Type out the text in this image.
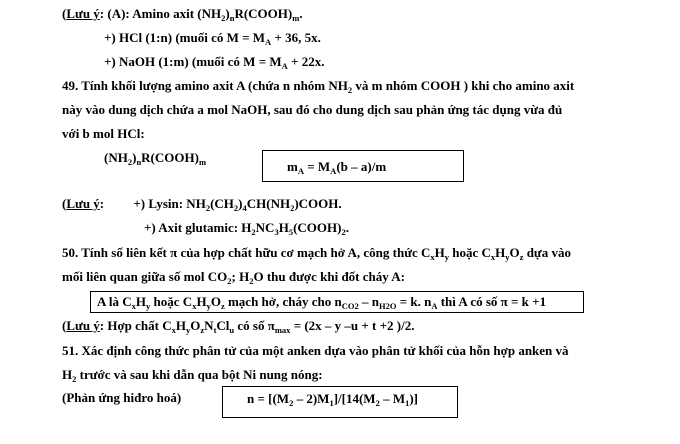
(Lưu ý: (A): Amino axit $(NH_2)_nR(COOH)_m$.
+) HCl (1:n) (muối có $M = M_A + 36$, 5x.
+) NaOH (1:m) (muối có $M = M_A + 22x$.
49. Tính khối lượng amino axit A (chứa n nhóm $NH_2$ và m nhóm COOH ) khi cho amino axit
này vào dung dịch chứa a mol NaOH, sau đó cho dung dịch sau phản ứng tác dụng vừa đủ
với b mol HCl:
$(NH_2)_nR(COOH)_m$	$m_A = M_A(b - a)/m$
(Lưu ý:         +) Lysin: $NH_2(CH_2)_4CH(NH_2)COOH$.
+) Axit glutamic: $H_2NC_3H_5(COOH)_2$.
50. Tính số liên kết π của hợp chất hữu cơ mạch hở A, công thức $C_xH_y$ hoặc $C_xH_yO_z$ dựa vào
mối liên quan giữa số mol $CO_2$; $H_2O$ thu được khi đốt cháy A:
A là $C_xH_y$ hoặc $C_xH_yO_z$ mạch hở, cháy cho $n_{CO2} - n_{H2O} = k$. $n_A$ thì A có số π = k +1
(Lưu ý: Hợp chất $C_xH_yO_zN_tCl_u$ có số $\pi_{max} = (2x - y$ –u + t +2 )/2.
51. Xác định công thức phân tử của một anken dựa vào phân tử khối của hỗn hợp anken và
$H_2$ trước và sau khi dẫn qua bột Ni nung nóng:
(Phản ứng hiđro hoá)	$n = [(M_2 - 2)M_1]/[14(M_2 - M_1)]$
